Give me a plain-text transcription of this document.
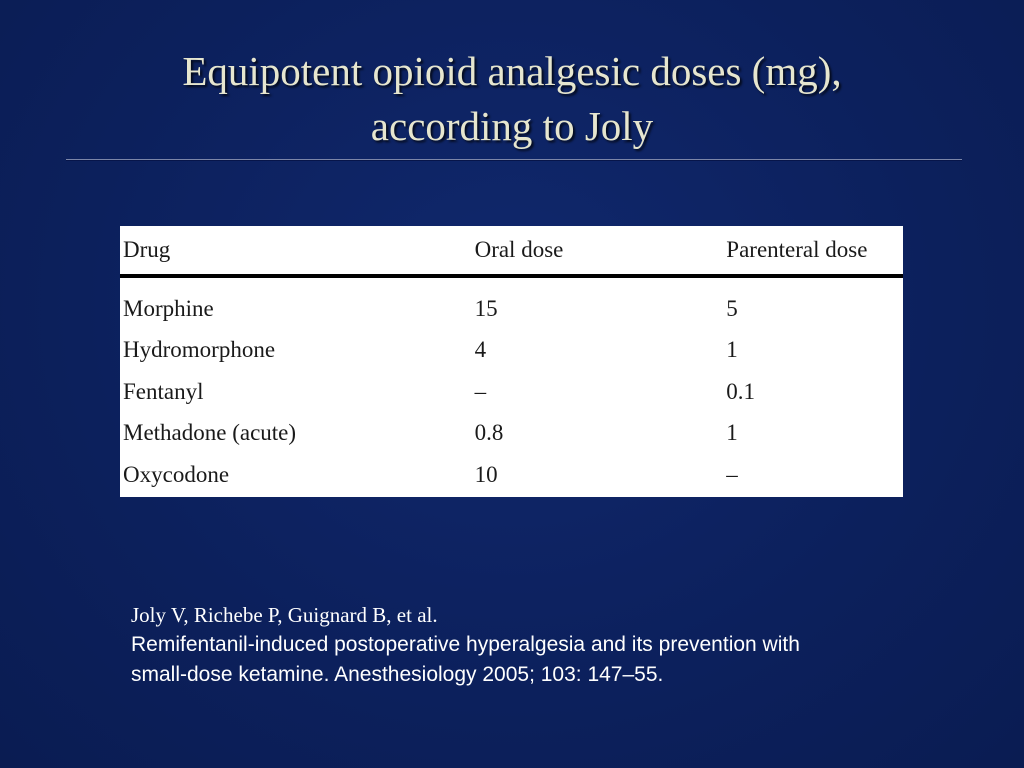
Equipotent opioid analgesic doses (mg),
according to Joly
Drug	Oral dose	Parenteral dose

Morphine	15	5
Hydromorphone	4	1
Fentanyl	–	0.1
Methadone (acute)	0.8	1
Oxycodone	10	–
Joly V, Richebe P, Guignard B, et al.
Remifentanil-induced postoperative hyperalgesia and its prevention with
small-dose ketamine. Anesthesiology 2005; 103: 147–55.
